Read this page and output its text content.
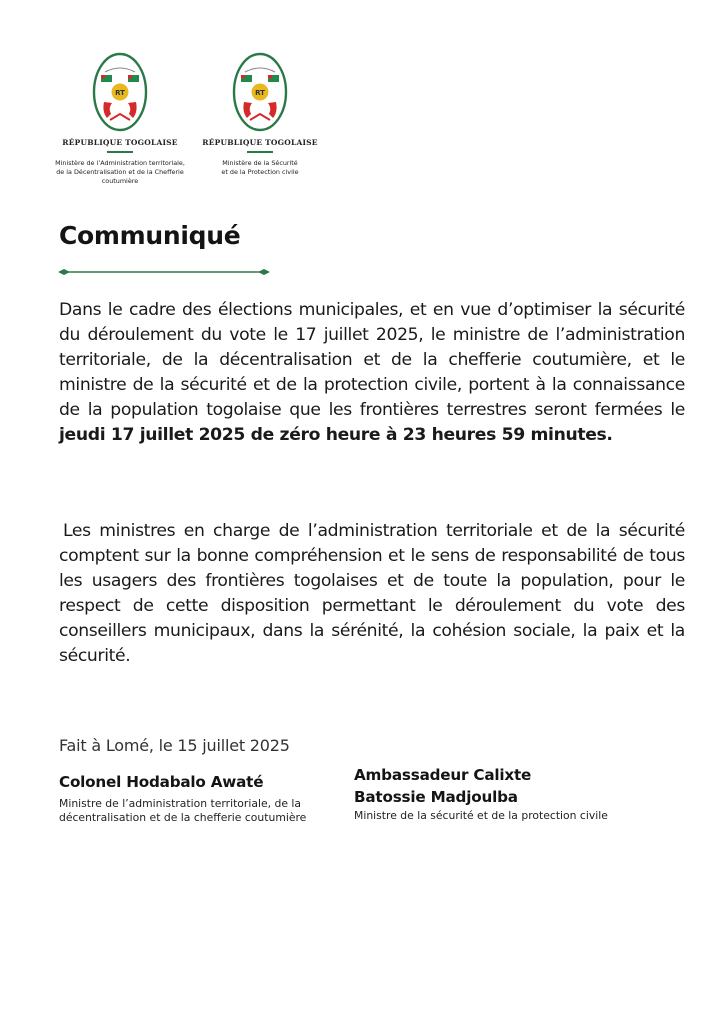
RT
RÉPUBLIQUE TOGOLAISE
Ministère de l’Administration territoriale,
de la Décentralisation et de la Chefferie
coutumière
RT
RÉPUBLIQUE TOGOLAISE
Ministère de la Sécurité
et de la Protection civile
Communiqué

Dans le cadre des élections municipales, et en vue d’optimiser la sécurité du déroulement du vote le 17 juillet 2025, le ministre de l’administration territoriale, de la décentralisation et de la chefferie coutumière, et le ministre de la sécurité et de la protection civile, portent à la connaissance de la population togolaise que les frontières terrestres seront fermées le jeudi 17 juillet 2025 de zéro heure à 23 heures 59 minutes.

Les ministres en charge de l’administration territoriale et de la sécurité comptent sur la bonne compréhension et le sens de responsabilité de tous les usagers des frontières togolaises et de toute la population, pour le respect de cette disposition permettant le déroulement du vote des conseillers municipaux, dans la sérénité, la cohésion sociale, la paix et la sécurité.

Fait à Lomé, le 15 juillet 2025
Colonel Hodabalo Awaté
Ministre de l’administration territoriale, de la décentralisation et de la chefferie coutumière
Ambassadeur Calixte
Batossie Madjoulba
Ministre de la sécurité et de la protection civile
